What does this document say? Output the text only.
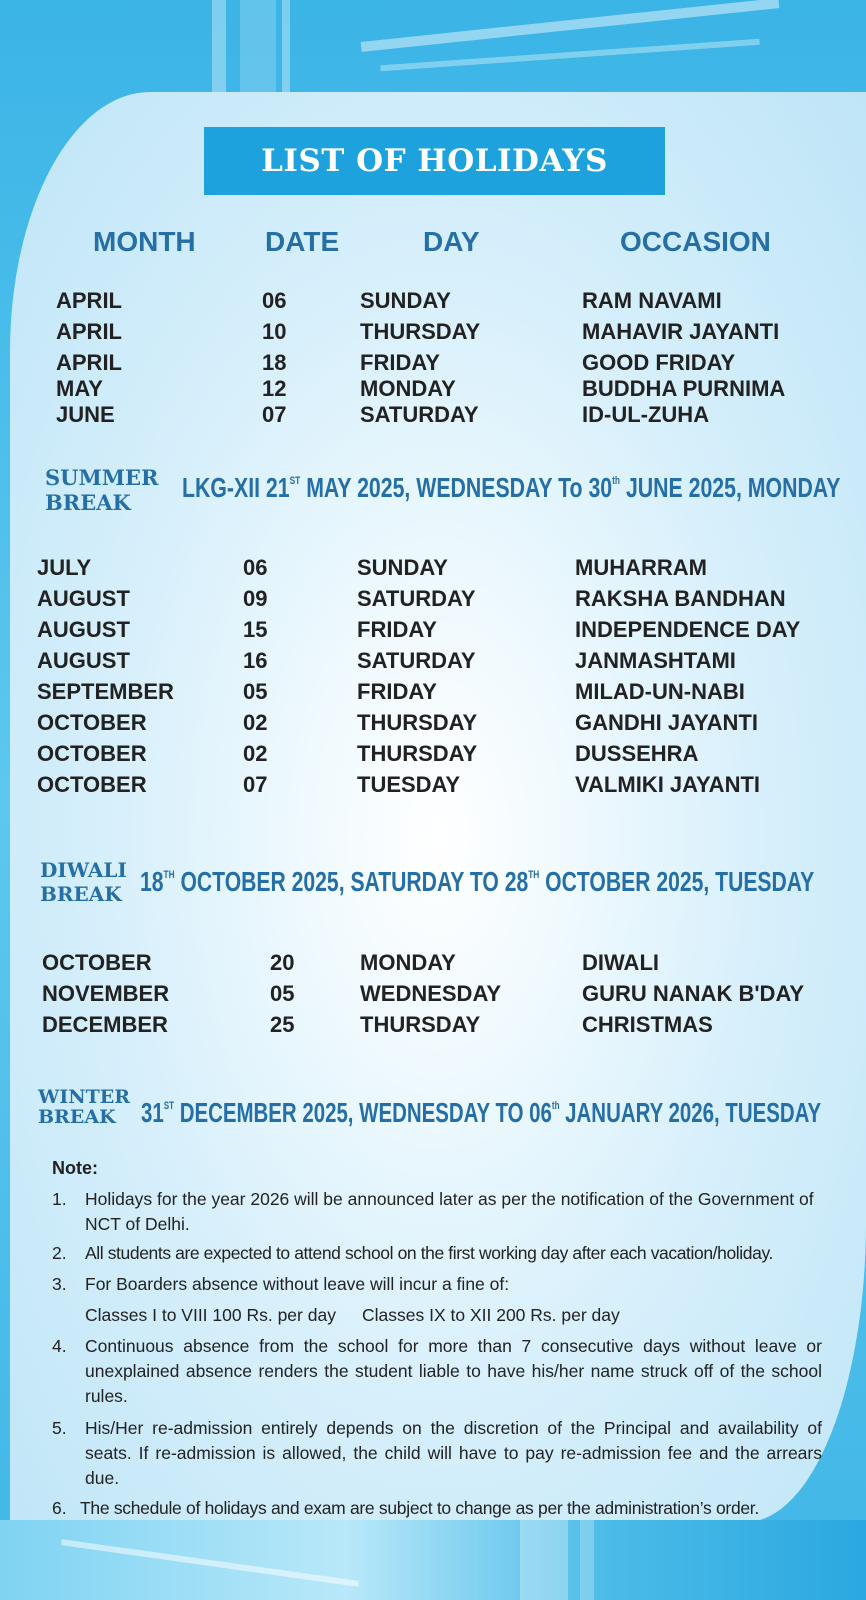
LIST OF HOLIDAYS
MONTH DATE	DAY	OCCASION
APRIL	06	SUNDAY	RAM NAVAMI
APRIL	10	THURSDAY	MAHAVIR JAYANTI
APRIL	18	FRIDAY	GOOD FRIDAY
MAY	12	MONDAY	BUDDHA PURNIMA
JUNE	07	SATURDAY	ID-UL-ZUHA
SUMMER
BREAK	LKG-XII 21ST MAY 2025, WEDNESDAY To 30th JUNE 2025, MONDAY
JULY	06	SUNDAY	MUHARRAM
AUGUST	09	SATURDAY	RAKSHA BANDHAN
AUGUST	15	FRIDAY	INDEPENDENCE DAY
AUGUST	16	SATURDAY	JANMASHTAMI
SEPTEMBER	05	FRIDAY	MILAD-UN-NABI
OCTOBER	02	THURSDAY	GANDHI JAYANTI
OCTOBER	02	THURSDAY	DUSSEHRA
OCTOBER	07	TUESDAY	VALMIKI JAYANTI
DIWALI
BREAK 18TH OCTOBER 2025, SATURDAY TO 28TH OCTOBER 2025, TUESDAY
OCTOBER	20	MONDAY	DIWALI
NOVEMBER	05	WEDNESDAY	GURU NANAK B'DAY
DECEMBER	25	THURSDAY	CHRISTMAS
WINTER
BREAK 31ST DECEMBER 2025, WEDNESDAY TO 06th JANUARY 2026, TUESDAY
Note:
1. Holidays for the year 2026 will be announced later as per the notification of the Government of NCT of Delhi.
2. All students are expected to attend school on the first working day after each vacation/holiday.
3. For Boarders absence without leave will incur a fine of:
Classes I to VIII 100 Rs. per day Classes IX to XII 200 Rs. per day
4. Continuous absence from the school for more than 7 consecutive days without leave or unexplained absence renders the student liable to have his/her name struck off of the school rules.
5. His/Her re-admission entirely depends on the discretion of the Principal and availability of seats. If re-admission is allowed, the child will have to pay re-admission fee and the arrears due.
6. The schedule of holidays and exam are subject to change as per the administration’s order.
